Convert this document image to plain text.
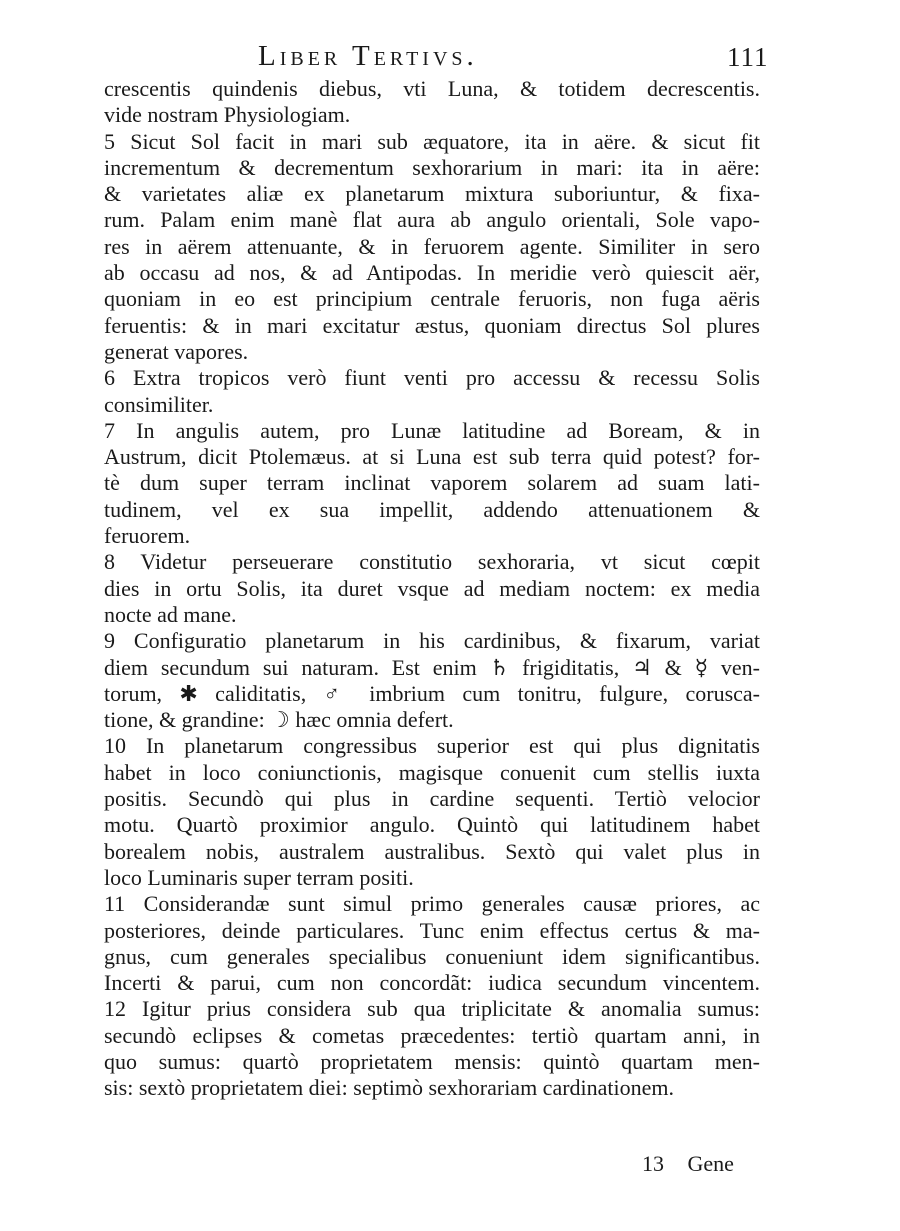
Liber Tertivs.	111
crescentis quindenis diebus, vti Luna, & totidem decrescentis.
vide nostram Physiologiam.
5 Sicut Sol facit in mari sub æquatore, ita in aëre. & sicut fit
incrementum & decrementum sexhorarium in mari: ita in aëre:
& varietates aliæ ex planetarum mixtura suboriuntur, & fixa-
rum. Palam enim manè flat aura ab angulo orientali, Sole vapo-
res in aërem attenuante, & in feruorem agente. Similiter in sero
ab occasu ad nos, & ad Antipodas. In meridie verò quiescit aër,
quoniam in eo est principium centrale feruoris, non fuga aëris
feruentis: & in mari excitatur æstus, quoniam directus Sol plures
generat vapores.
6 Extra tropicos verò fiunt venti pro accessu & recessu Solis
consimiliter.
7 In angulis autem, pro Lunæ latitudine ad Boream, & in
Austrum, dicit Ptolemæus. at si Luna est sub terra quid potest? for-
tè dum super terram inclinat vaporem solarem ad suam lati-
tudinem, vel ex sua impellit, addendo attenuationem &
feruorem.
8 Videtur perseuerare constitutio sexhoraria, vt sicut cœpit
dies in ortu Solis, ita duret vsque ad mediam noctem: ex media
nocte ad mane.
9 Configuratio planetarum in his cardinibus, & fixarum, variat
diem secundum sui naturam. Est enim ♄ frigiditatis, ♃ & ☿ ven-
torum, ✱ caliditatis, ♂ imbrium cum tonitru, fulgure, corusca-
tione, & grandine: ☽ hæc omnia defert.
10 In planetarum congressibus superior est qui plus dignitatis
habet in loco coniunctionis, magisque conuenit cum stellis iuxta
positis. Secundò qui plus in cardine sequenti. Tertiò velocior
motu. Quartò proximior angulo. Quintò qui latitudinem habet
borealem nobis, australem australibus. Sextò qui valet plus in
loco Luminaris super terram positi.
11 Considerandæ sunt simul primo generales causæ priores, ac
posteriores, deinde particulares. Tunc enim effectus certus & ma-
gnus, cum generales specialibus conueniunt idem significantibus.
Incerti & parui, cum non concordãt: iudica secundum vincentem.
12 Igitur prius considera sub qua triplicitate & anomalia sumus:
secundò eclipses & cometas præcedentes: tertiò quartam anni, in
quo sumus: quartò proprietatem mensis: quintò quartam men-
sis: sextò proprietatem diei: septimò sexhorariam cardinationem.
13 Gene
